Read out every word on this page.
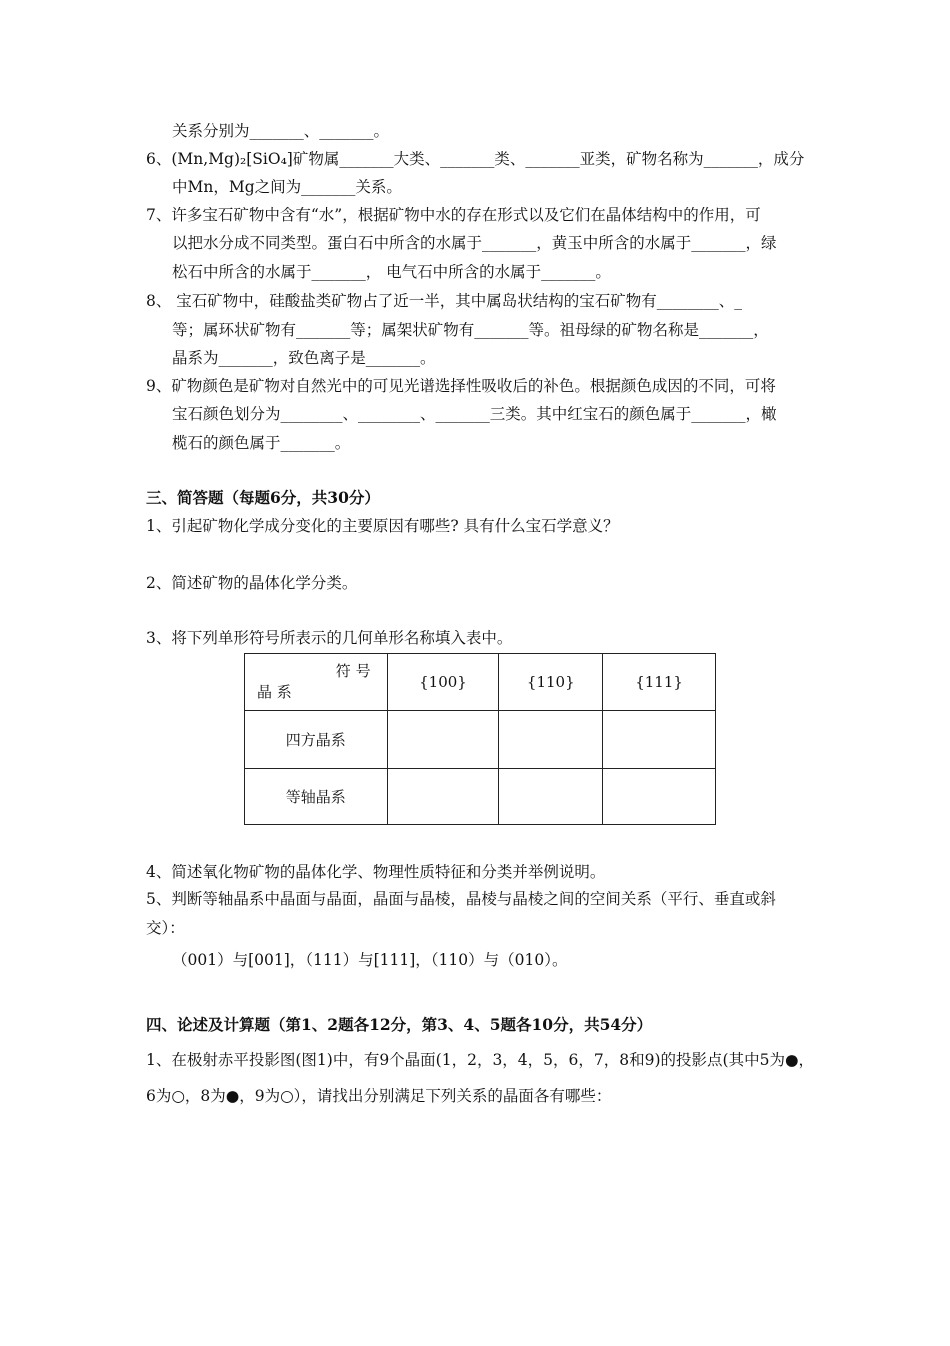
关系分别为_______、_______。
6、(Mn,Mg)₂[SiO₄]矿物属_______大类、_______类、_______亚类，矿物名称为_______，成分
中Mn，Mg之间为_______关系。
7、许多宝石矿物中含有“水”，根据矿物中水的存在形式以及它们在晶体结构中的作用，可
以把水分成不同类型。蛋白石中所含的水属于_______，黄玉中所含的水属于_______，绿
松石中所含的水属于_______， 电气石中所含的水属于_______。
8、 宝石矿物中，硅酸盐类矿物占了近一半，其中属岛状结构的宝石矿物有________、_
等；属环状矿物有_______等；属架状矿物有_______等。祖母绿的矿物名称是_______，
晶系为_______，致色离子是_______。
9、矿物颜色是矿物对自然光中的可见光谱选择性吸收后的补色。根据颜色成因的不同，可将
宝石颜色划分为________、________、_______三类。其中红宝石的颜色属于_______，橄
榄石的颜色属于_______。
三、简答题（每题6分，共30分）
1、引起矿物化学成分变化的主要原因有哪些? 具有什么宝石学意义？
2、简述矿物的晶体化学分类。
3、将下列单形符号所表示的几何单形名称填入表中。
符 号
晶 系	{100}	{110}	{111}
四方晶系			
等轴晶系			
4、简述氧化物矿物的晶体化学、物理性质特征和分类并举例说明。
5、判断等轴晶系中晶面与晶面，晶面与晶棱，晶棱与晶棱之间的空间关系（平行、垂直或斜
交）：
（001）与[001]，（111）与[111]，（110）与（010）。
四、论述及计算题（第1、2题各12分，第3、4、5题各10分，共54分）
1、在极射赤平投影图(图1)中，有9个晶面(1，2，3，4，5，6，7，8和9)的投影点(其中5为●，
6为○，8为●，9为○），请找出分别满足下列关系的晶面各有哪些：
